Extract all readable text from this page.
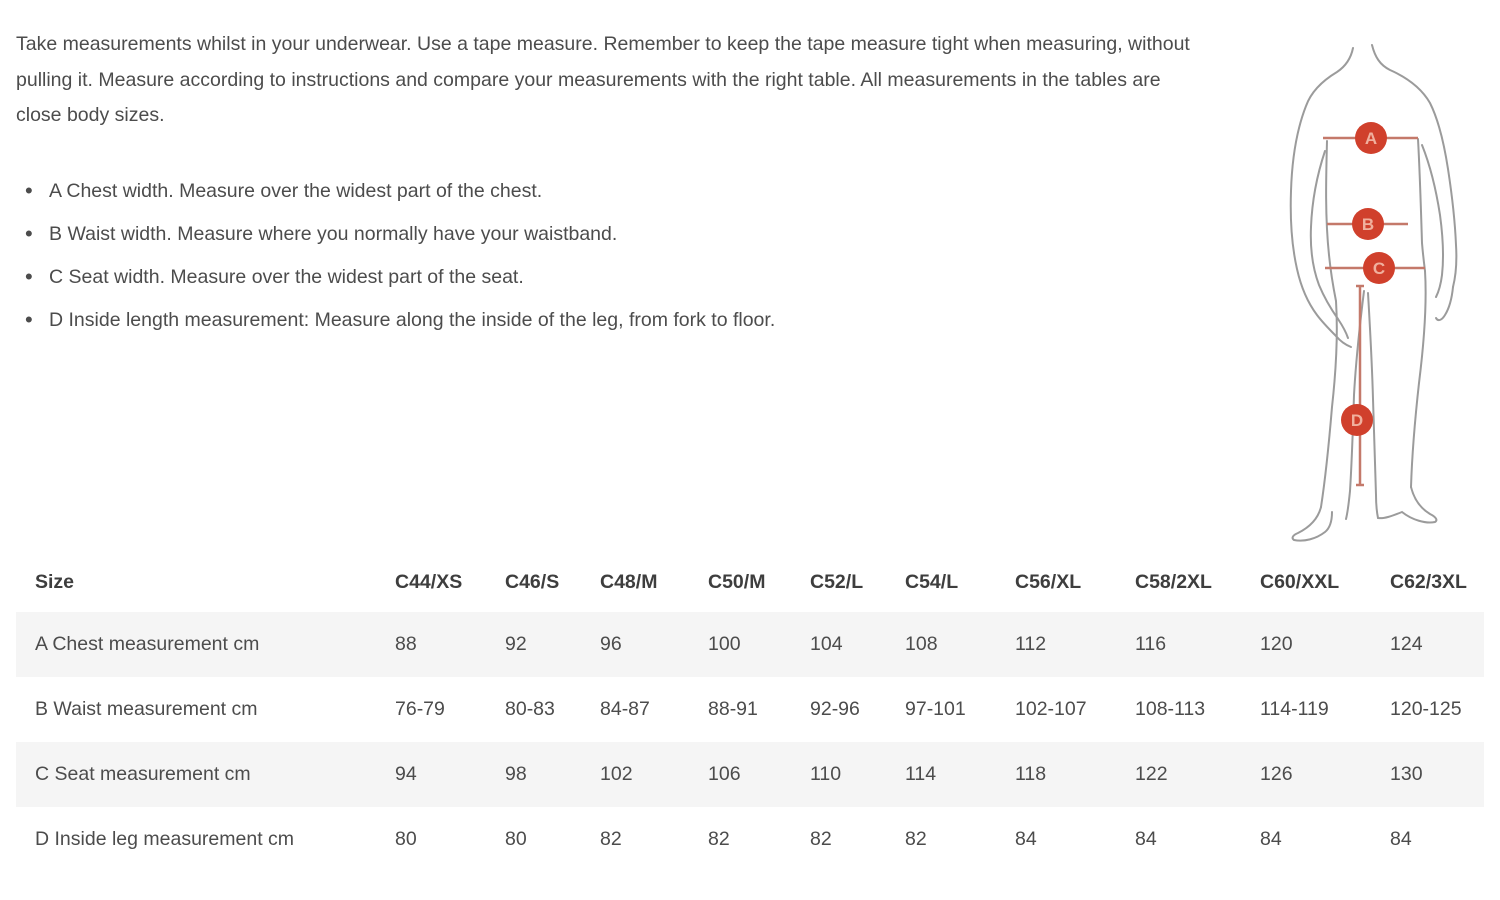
Take measurements whilst in your underwear. Use a tape measure. Remember to keep the tape measure tight when measuring, without pulling it. Measure according to instructions and compare your measurements with the right table. All measurements in the tables are close body sizes.

• A Chest width. Measure over the widest part of the chest.
• B Waist width. Measure where you normally have your waistband.
• C Seat width. Measure over the widest part of the seat.
• D Inside length measurement: Measure along the inside of the leg, from fork to floor.
A
B
C
D
Size	C44/XS	C46/S	C48/M	C50/M	C52/L	C54/L	C56/XL	C58/2XL	C60/XXL	C62/3XL
A Chest measurement cm	88	92	96	100	104	108	112	116	120	124
B Waist measurement cm	76-79	80-83	84-87	88-91	92-96	97-101	102-107	108-113	114-119	120-125
C Seat measurement cm	94	98	102	106	110	114	118	122	126	130
D Inside leg measurement cm	80	80	82	82	82	82	84	84	84	84
